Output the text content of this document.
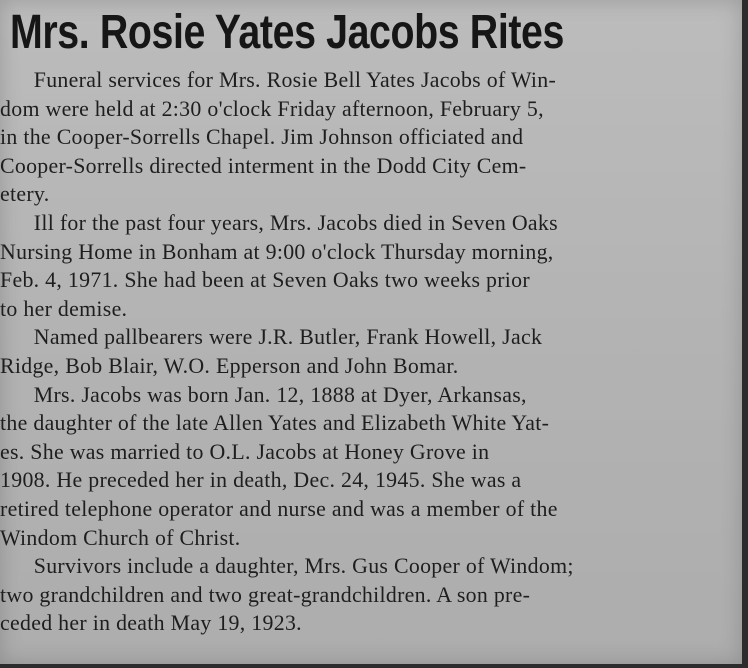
Mrs. Rosie Yates Jacobs Rites

Funeral services for Mrs. Rosie Bell Yates Jacobs of Win-
dom were held at 2:30 o'clock Friday afternoon, February 5,
in the Cooper-Sorrells Chapel. Jim Johnson officiated and
Cooper-Sorrells directed interment in the Dodd City Cem-
etery.

Ill for the past four years, Mrs. Jacobs died in Seven Oaks
Nursing Home in Bonham at 9:00 o'clock Thursday morning,
Feb. 4, 1971. She had been at Seven Oaks two weeks prior
to her demise.

Named pallbearers were J.R. Butler, Frank Howell, Jack
Ridge, Bob Blair, W.O. Epperson and John Bomar.

Mrs. Jacobs was born Jan. 12, 1888 at Dyer, Arkansas,
the daughter of the late Allen Yates and Elizabeth White Yat-
es. She was married to O.L. Jacobs at Honey Grove in
1908. He preceded her in death, Dec. 24, 1945. She was a
retired telephone operator and nurse and was a member of the
Windom Church of Christ.

Survivors include a daughter, Mrs. Gus Cooper of Windom;
two grandchildren and two great-grandchildren. A son pre-
ceded her in death May 19, 1923.
